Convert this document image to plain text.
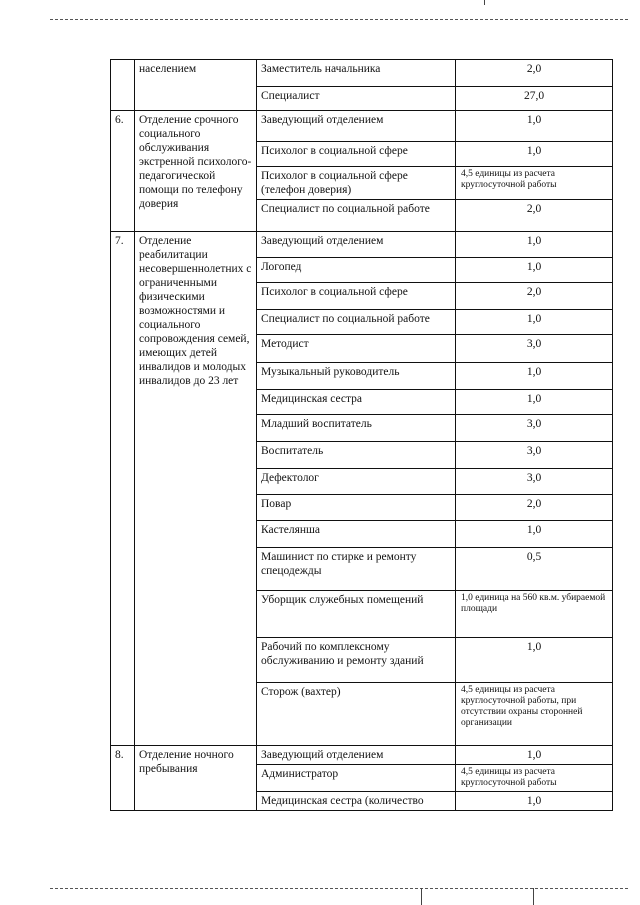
	населением	Заместитель начальника	2,0
		Специалист	27,0
6.	Отделение срочного социального обслуживания экстренной психолого-педагогической помощи по телефону доверия	Заведующий отделением	1,0
		Психолог в социальной сфере	1,0
		Психолог в социальной сфере (телефон доверия)	4,5 единицы из расчета круглосуточной работы
		Специалист по социальной работе	2,0
7.	Отделение реабилитации несовершеннолетних с ограниченными физическими возможностями и социального сопровождения семей, имеющих детей инвалидов и молодых инвалидов до 23 лет	Заведующий отделением	1,0
		Логопед	1,0
		Психолог в социальной сфере	2,0
		Специалист по социальной работе	1,0
		Методист	3,0
		Музыкальный руководитель	1,0
		Медицинская сестра	1,0
		Младший воспитатель	3,0
		Воспитатель	3,0
		Дефектолог	3,0
		Повар	2,0
		Кастелянша	1,0
		Машинист по стирке и ремонту спецодежды	0,5
		Уборщик служебных помещений	1,0 единица на 560 кв.м. убираемой площади
		Рабочий по комплексному обслуживанию и ремонту зданий	1,0
		Сторож (вахтер)	4,5 единицы из расчета круглосуточной работы, при отсутствии охраны сторонней организации
8.	Отделение ночного пребывания	Заведующий отделением	1,0
		Администратор	4,5 единицы из расчета круглосуточной работы
		Медицинская сестра (количество	1,0
